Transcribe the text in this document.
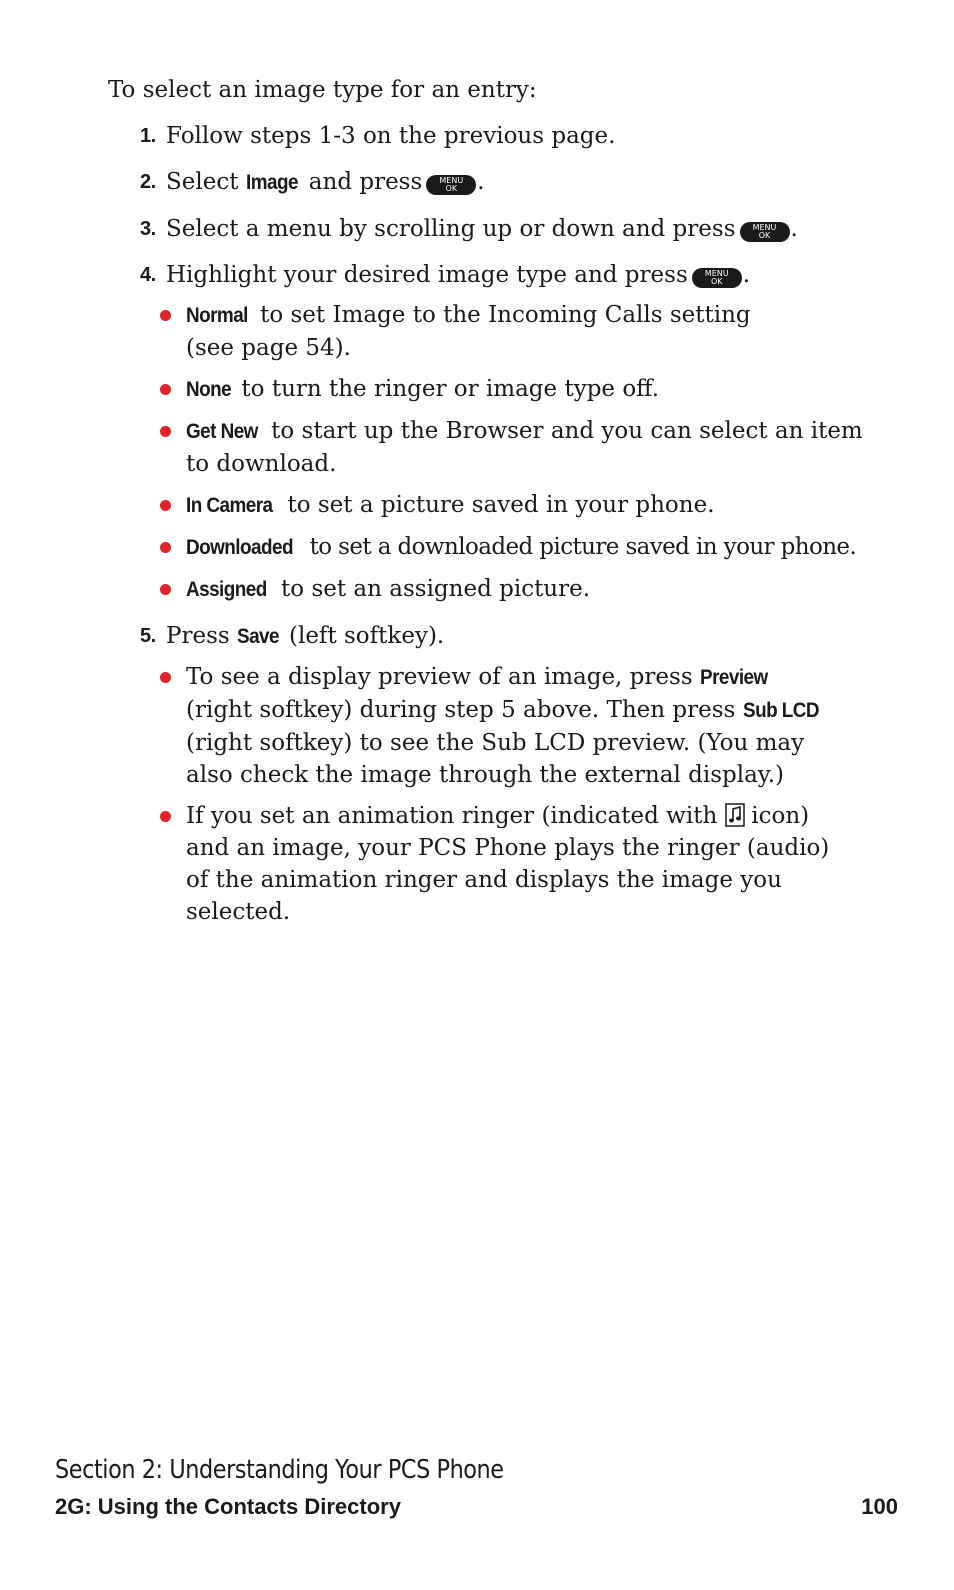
To select an image type for an entry:
1. Follow steps 1-3 on the previous page.
2. Select Image and press	MENU
OK .
3. Select a menu by scrolling up or down and press	MENU
OK .
4. Highlight your desired image type and press	MENU
OK .
Normal to set Image to the Incoming Calls setting
(see page 54).
None to turn the ringer or image type off.
Get New to start up the Browser and you can select an item
to download.
In Camera to set a picture saved in your phone.
Downloaded to set a downloaded picture saved in your phone.
Assigned to set an assigned picture.
5. Press Save (left softkey).
To see a display preview of an image, press Preview (right softkey) during step 5 above. Then press Sub LCD (right softkey) to see the Sub LCD preview. (You may also check the image through the external display.)
If you set an animation ringer (indicated with icon) and an image, your PCS Phone plays the ringer (audio) of the animation ringer and displays the image you selected.
Section 2: Understanding Your PCS Phone
2G: Using the Contacts Directory	100
